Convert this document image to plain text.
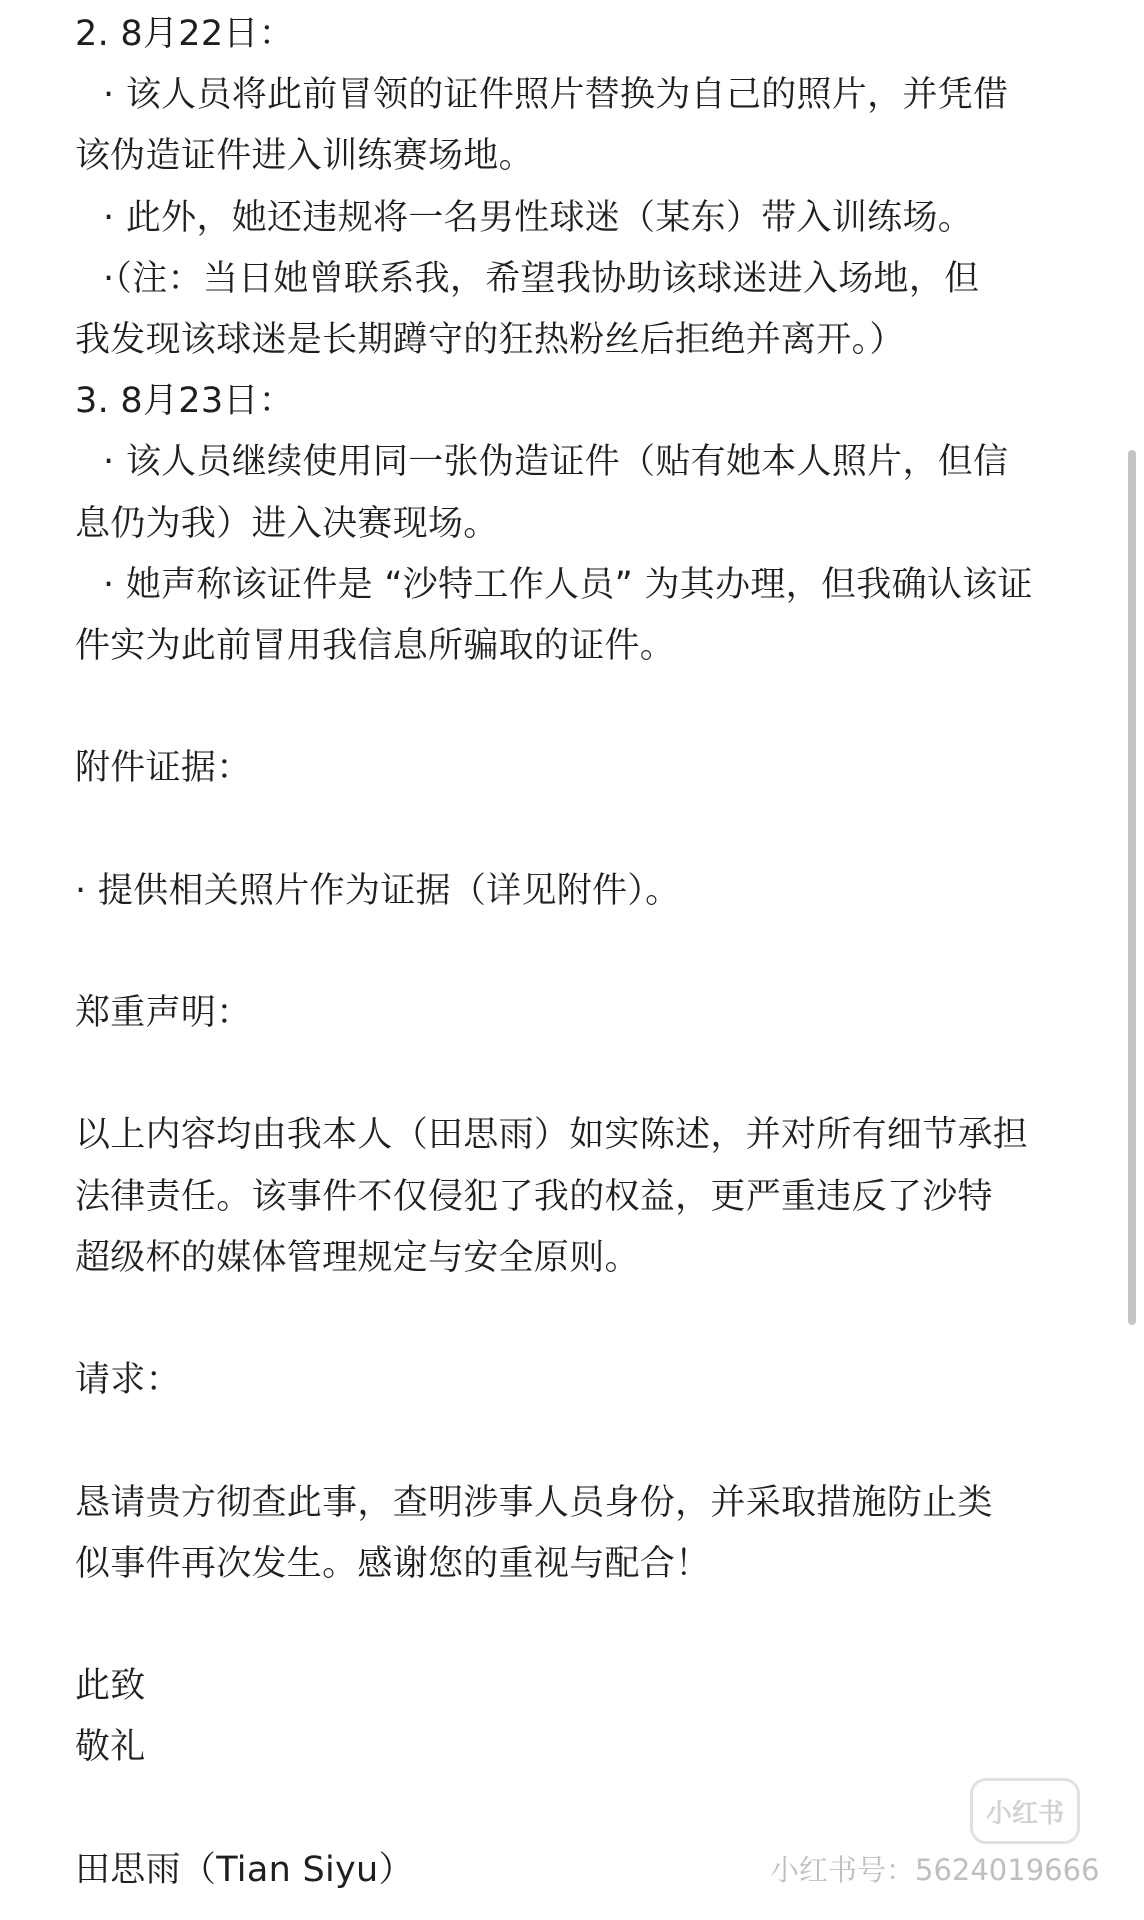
2. 8月22日：
· 该人员将此前冒领的证件照片替换为自己的照片，并凭借
该伪造证件进入训练赛场地。
· 此外，她还违规将一名男性球迷（某东）带入训练场。
·（注：当日她曾联系我，希望我协助该球迷进入场地，但
我发现该球迷是长期蹲守的狂热粉丝后拒绝并离开。）
3. 8月23日：
· 该人员继续使用同一张伪造证件（贴有她本人照片，但信
息仍为我）进入决赛现场。
· 她声称该证件是 “沙特工作人员” 为其办理，但我确认该证
件实为此前冒用我信息所骗取的证件。
附件证据：
· 提供相关照片作为证据（详见附件）。
郑重声明：
以上内容均由我本人（田思雨）如实陈述，并对所有细节承担
法律责任。该事件不仅侵犯了我的权益，更严重违反了沙特
超级杯的媒体管理规定与安全原则。
请求：
恳请贵方彻查此事，查明涉事人员身份，并采取措施防止类
似事件再次发生。感谢您的重视与配合！
此致
敬礼
田思雨（Tian Siyu）
小红书
小红书号：5624019666
